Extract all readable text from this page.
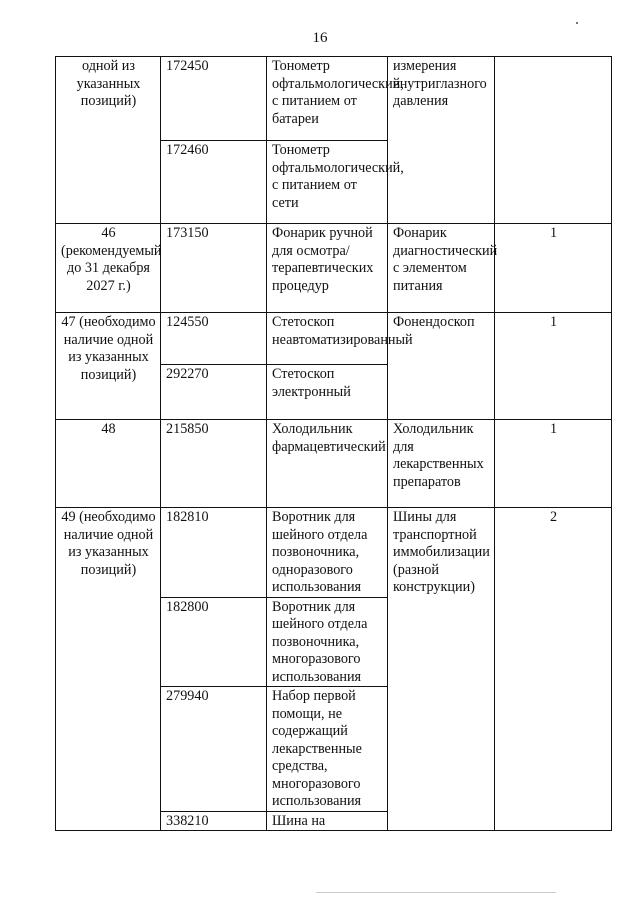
16
одной из указанных позиций)	172450	Тонометр офтальмологический, с питанием от батареи	измерения внутриглазного давления	
	172460	Тонометр офтальмологический, с питанием от сети		
46 (рекомендуемый до 31 декабря 2027 г.)	173150	Фонарик ручной для осмотра/терапевтических процедур	Фонарик диагностический с элементом питания	1
47 (необходимо наличие одной из указанных позиций)	124550	Стетоскоп неавтоматизированный	Фонендоскоп	1
	292270	Стетоскоп электронный		
48	215850	Холодильник фармацевтический	Холодильник для лекарственных препаратов	1
49 (необходимо наличие одной из указанных позиций)	182810	Воротник для шейного отдела позвоночника, одноразового использования	Шины для транспортной иммобилизации (разной конструкции)	2
	182800	Воротник для шейного отдела позвоночника, многоразового использования		
	279940	Набор первой помощи, не содержащий лекарственные средства, многоразового использования		
	338210	Шина на		
